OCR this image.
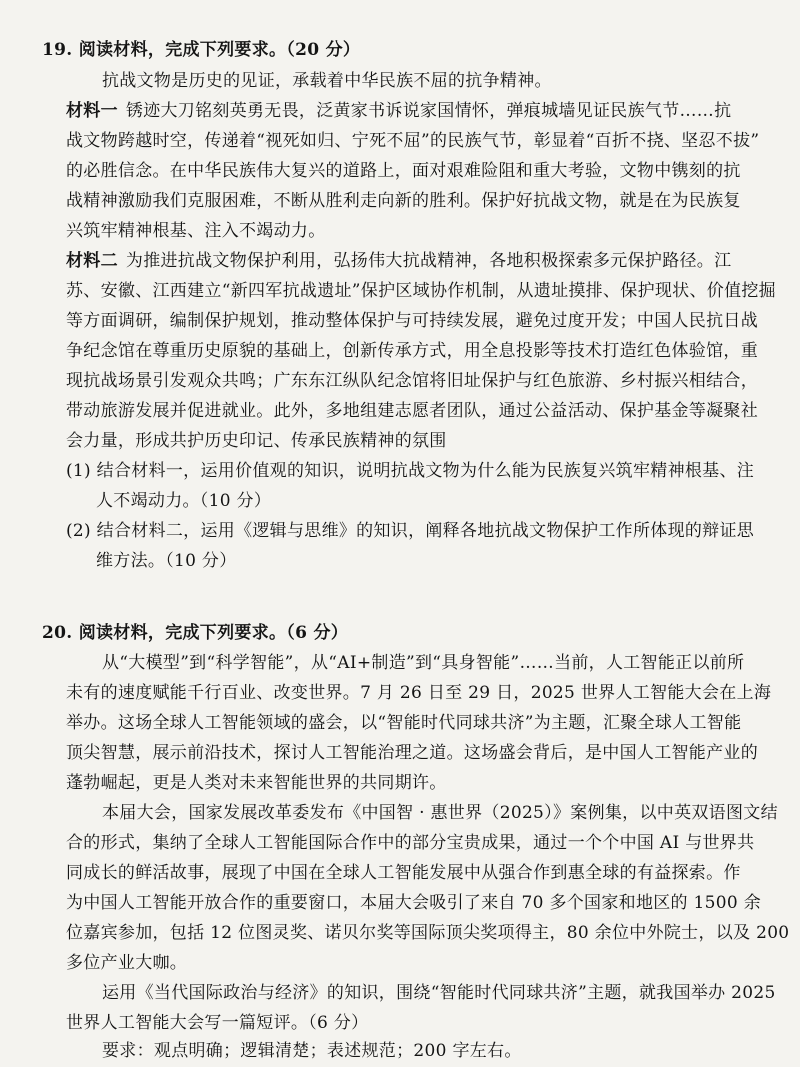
19. 阅读材料，完成下列要求。（20 分）
抗战文物是历史的见证，承载着中华民族不屈的抗争精神。
材料一 锈迹大刀铭刻英勇无畏，泛黄家书诉说家国情怀，弹痕城墙见证民族气节……抗
战文物跨越时空，传递着“视死如归、宁死不屈”的民族气节，彰显着“百折不挠、坚忍不拔”
的必胜信念。在中华民族伟大复兴的道路上，面对艰难险阻和重大考验，文物中镌刻的抗
战精神激励我们克服困难，不断从胜利走向新的胜利。保护好抗战文物，就是在为民族复
兴筑牢精神根基、注入不竭动力。
材料二 为推进抗战文物保护利用，弘扬伟大抗战精神，各地积极探索多元保护路径。江
苏、安徽、江西建立“新四军抗战遗址”保护区域协作机制，从遗址摸排、保护现状、价值挖掘
等方面调研，编制保护规划，推动整体保护与可持续发展，避免过度开发；中国人民抗日战
争纪念馆在尊重历史原貌的基础上，创新传承方式，用全息投影等技术打造红色体验馆，重
现抗战场景引发观众共鸣；广东东江纵队纪念馆将旧址保护与红色旅游、乡村振兴相结合，
带动旅游发展并促进就业。此外，多地组建志愿者团队，通过公益活动、保护基金等凝聚社
会力量，形成共护历史印记、传承民族精神的氛围
(1) 结合材料一，运用价值观的知识，说明抗战文物为什么能为民族复兴筑牢精神根基、注
人不竭动力。（10 分）
(2) 结合材料二，运用《逻辑与思维》的知识，阐释各地抗战文物保护工作所体现的辩证思
维方法。（10 分）
20. 阅读材料，完成下列要求。（6 分）
从“大模型”到“科学智能”，从“AI+制造”到“具身智能”……当前，人工智能正以前所
未有的速度赋能千行百业、改变世界。7 月 26 日至 29 日，2025 世界人工智能大会在上海
举办。这场全球人工智能领域的盛会，以“智能时代同球共济”为主题，汇聚全球人工智能
顶尖智慧，展示前沿技术，探讨人工智能治理之道。这场盛会背后，是中国人工智能产业的
蓬勃崛起，更是人类对未来智能世界的共同期许。
本届大会，国家发展改革委发布《中国智 · 惠世界（2025）》案例集，以中英双语图文结
合的形式，集纳了全球人工智能国际合作中的部分宝贵成果，通过一个个中国 AI 与世界共
同成长的鲜活故事，展现了中国在全球人工智能发展中从强合作到惠全球的有益探索。作
为中国人工智能开放合作的重要窗口，本届大会吸引了来自 70 多个国家和地区的 1500 余
位嘉宾参加，包括 12 位图灵奖、诺贝尔奖等国际顶尖奖项得主，80 余位中外院士，以及 200
多位产业大咖。
运用《当代国际政治与经济》的知识，围绕“智能时代同球共济”主题，就我国举办 2025
世界人工智能大会写一篇短评。（6 分）
要求：观点明确；逻辑清楚；表述规范；200 字左右。
